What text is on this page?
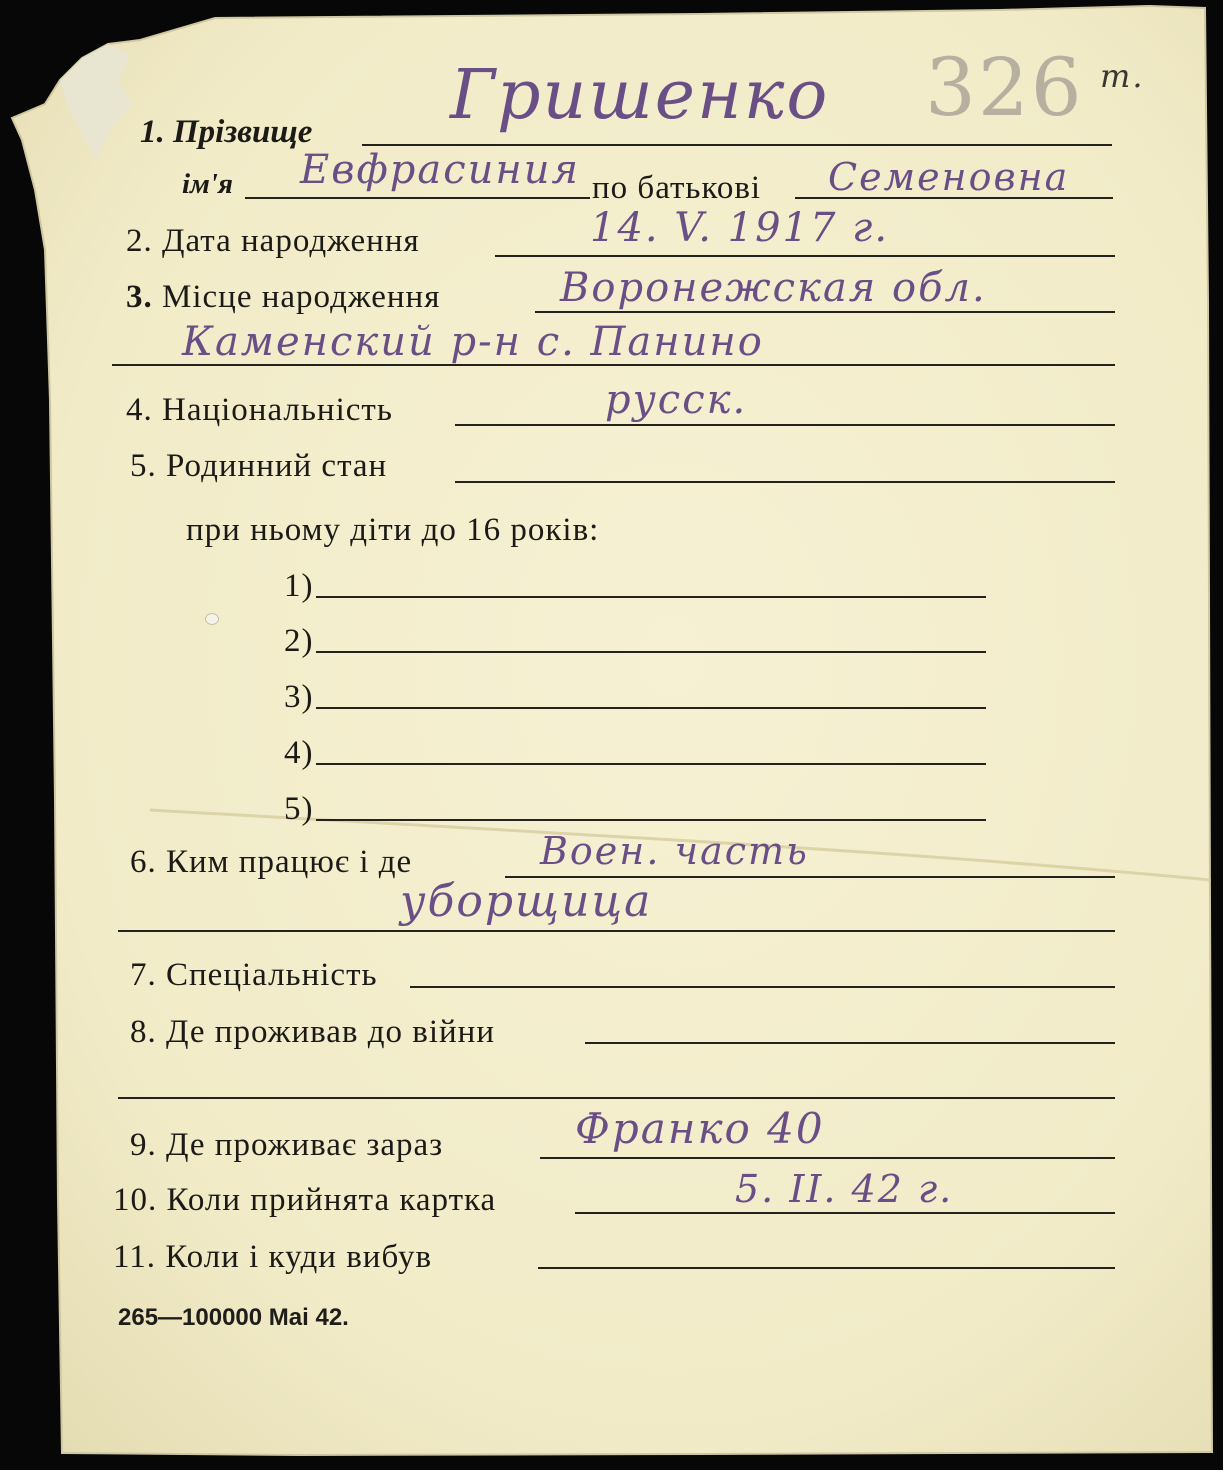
326 т.
1. Прізвище Гришенко
ім'я Евфрасиния по батькові Семеновна
2. Дата народження	14. V. 1917 г.
3. Місце народження	Воронежская обл.
Каменский р-н с. Панино
4. Національність	русск.
5. Родинний стан
при ньому діти до 16 років:
1)
2)
3)
4)
5)
6. Ким працює і де	Воен. часть
уборщица
7. Спеціальність
8. Де проживав до війни
9. Де проживає зараз	Франко 40
10. Коли прийнята картка	5. II. 42 г.
11. Коли і куди вибув
265—100000 Mai 42.
